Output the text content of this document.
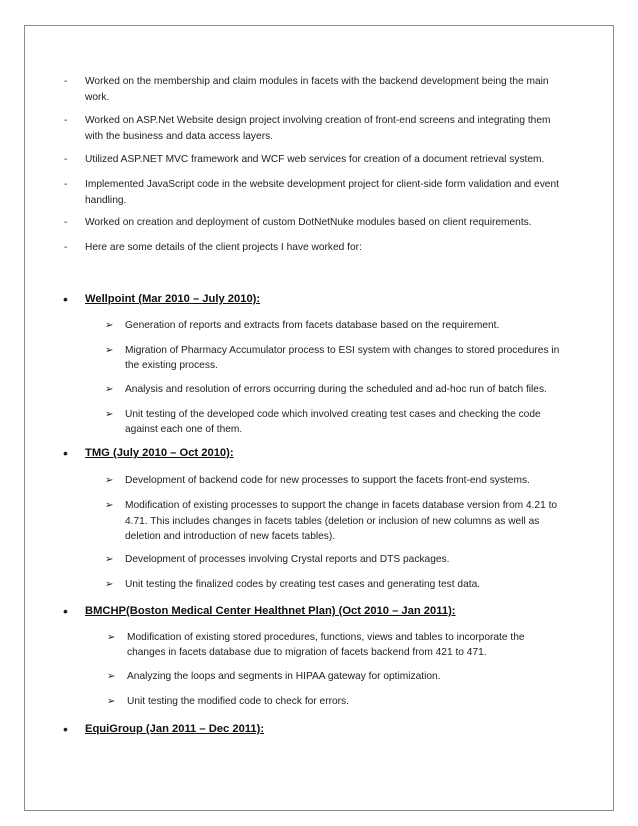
- Worked on the membership and claim modules in facets with the backend development being the main
work.
- Worked on ASP.Net Website design project involving creation of front-end screens and integrating them
with the business and data access layers.
- Utilized ASP.NET MVC framework and WCF web services for creation of a document retrieval system.
- Implemented JavaScript code in the website development project for client-side form validation and event
handling.
- Worked on creation and deployment of custom DotNetNuke modules based on client requirements.
- Here are some details of the client projects I have worked for:
• Wellpoint (Mar 2010 – July 2010):
➢ Generation of reports and extracts from facets database based on the requirement.
➢ Migration of Pharmacy Accumulator process to ESI system with changes to stored procedures in
the existing process.
➢ Analysis and resolution of errors occurring during the scheduled and ad-hoc run of batch files.
➢ Unit testing of the developed code which involved creating test cases and checking the code
against each one of them.
• TMG (July 2010 – Oct 2010):
➢ Development of backend code for new processes to support the facets front-end systems.
➢ Modification of existing processes to support the change in facets database version from 4.21 to
4.71. This includes changes in facets tables (deletion or inclusion of new columns as well as
deletion and introduction of new facets tables).
➢ Development of processes involving Crystal reports and DTS packages.
➢ Unit testing the finalized codes by creating test cases and generating test data.
• BMCHP(Boston Medical Center Healthnet Plan) (Oct 2010 – Jan 2011):
➢ Modification of existing stored procedures, functions, views and tables to incorporate the
changes in facets database due to migration of facets backend from 421 to 471.
➢ Analyzing the loops and segments in HIPAA gateway for optimization.
➢ Unit testing the modified code to check for errors.
• EquiGroup (Jan 2011 – Dec 2011):
